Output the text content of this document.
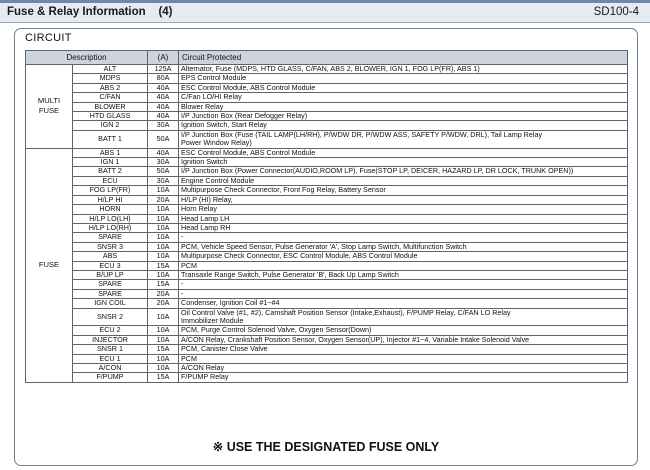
Fuse & Relay Information (4)	SD100-4
CIRCUIT
Description		(A)	Circuit Protected
MULTI FUSE	ALT	125A	Alternator, Fuse (MDPS, HTD GLASS, C/FAN, ABS 2, BLOWER, IGN 1, FOG LP(FR), ABS 1)

	MDPS	80A	EPS Control Module

	ABS 2	40A	ESC Control Module, ABS Control Module

	C/FAN	40A	C/Fan LO/HI Relay

	BLOWER	40A	Blower Relay

	HTD GLASS	40A	I/P Junction Box (Rear Defogger Relay)

	IGN 2	30A	Ignition Switch, Start Relay

	BATT 1	50A	I/P Junction Box (Fuse (TAIL LAMP(LH/RH), P/WDW DR, P/WDW ASS, SAFETY P/WDW, DRL), Tail Lamp Relay
Power Window Relay)

FUSE	ABS 1	40A	ESC Control Module, ABS Control Module

	IGN 1	30A	Ignition Switch

	BATT 2	50A	I/P Junction Box (Power Connector(AUDIO,ROOM LP), Fuse(STOP LP, DEICER, HAZARD LP, DR LOCK, TRUNK OPEN))

	ECU	30A	Engine Control Module

	FOG LP(FR)	10A	Multipurpose Check Connector, Front Fog Relay, Battery Sensor

	H/LP HI	20A	H/LP (HI) Relay,

	HORN	10A	Horn Relay

	H/LP LO(LH)	10A	Head Lamp LH

	H/LP LO(RH)	10A	Head Lamp RH

	SPARE	10A	-

	SNSR 3	10A	PCM, Vehicle Speed Sensor, Pulse Generator 'A', Stop Lamp Switch, Multifunction Switch

	ABS	10A	Multipurpose Check Connector, ESC Control Module, ABS Control Module

	ECU 3	15A	PCM

	B/UP LP	10A	Transaxle Range Switch, Pulse Generator 'B', Back Up Lamp Switch

	SPARE	15A	-

	SPARE	20A	-

	IGN COIL	20A	Condenser, Ignition Coil #1~#4

	SNSR 2	10A	Oil Control Valve (#1, #2), Camshaft Position Sensor (Intake,Exhaust), F/PUMP Relay, C/FAN LO Relay
Immobilizer Module

	ECU 2	10A	PCM, Purge Control Solenoid Valve, Oxygen Sensor(Down)

	INJECTOR	10A	A/CON Relay, Crankshaft Position Sensor, Oxygen Sensor(UP), Injector #1~4, Variable Intake Solenoid Valve

	SNSR 1	15A	PCM, Canister Close Valve

	ECU 1	10A	PCM

	A/CON	10A	A/CON Relay

	F/PUMP	15A	F/PUMP Relay
※ USE THE DESIGNATED FUSE ONLY
